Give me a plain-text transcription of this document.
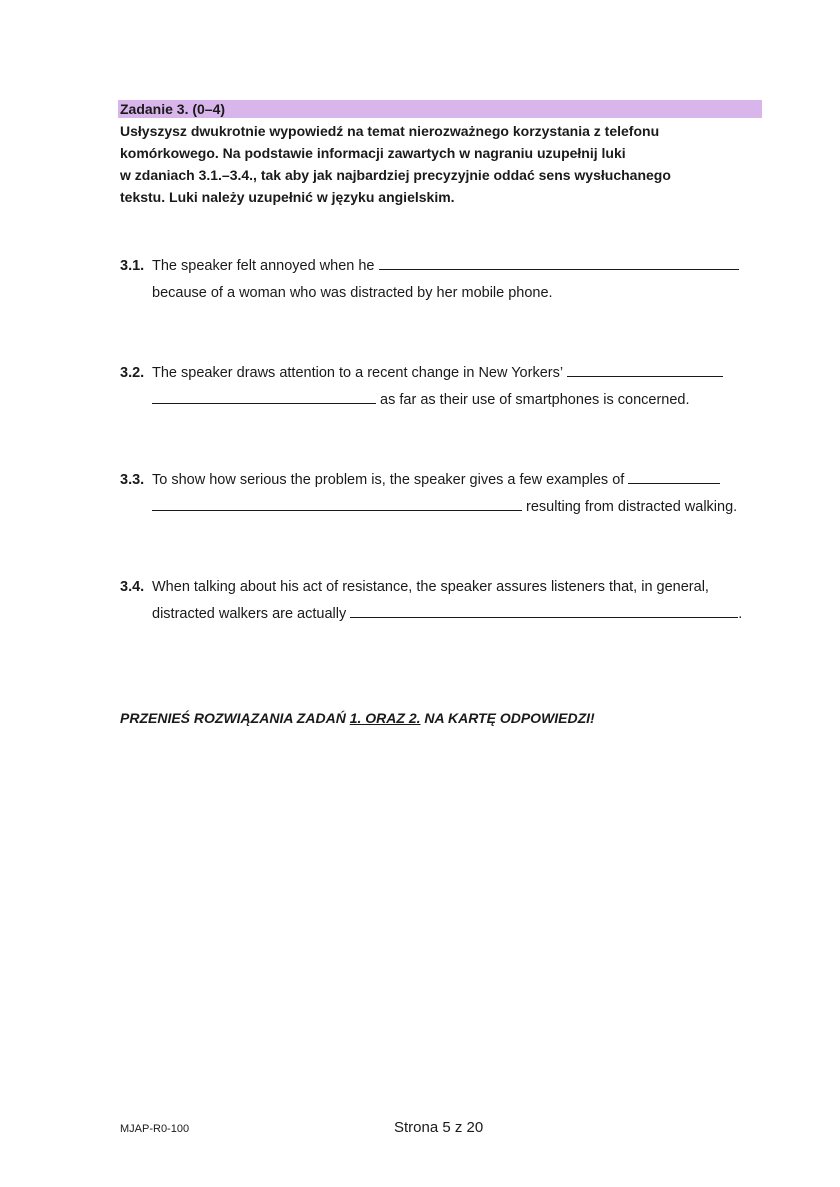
Zadanie 3. (0–4)
Usłyszysz dwukrotnie wypowiedź na temat nierozważnego korzystania z telefonu
komórkowego. Na podstawie informacji zawartych w nagraniu uzupełnij luki
w zdaniach 3.1.–3.4., tak aby jak najbardziej precyzyjnie oddać sens wysłuchanego
tekstu. Luki należy uzupełnić w języku angielskim.
3.1. The speaker felt annoyed when he
because of a woman who was distracted by her mobile phone.
3.2. The speaker draws attention to a recent change in New Yorkers’
as far as their use of smartphones is concerned.
3.3. To show how serious the problem is, the speaker gives a few examples of
resulting from distracted walking.
3.4. When talking about his act of resistance, the speaker assures listeners that, in general,
distracted walkers are actually	.
PRZENIEŚ ROZWIĄZANIA ZADAŃ 1. ORAZ 2. NA KARTĘ ODPOWIEDZI!
MJAP-R0-100	Strona 5 z 20
